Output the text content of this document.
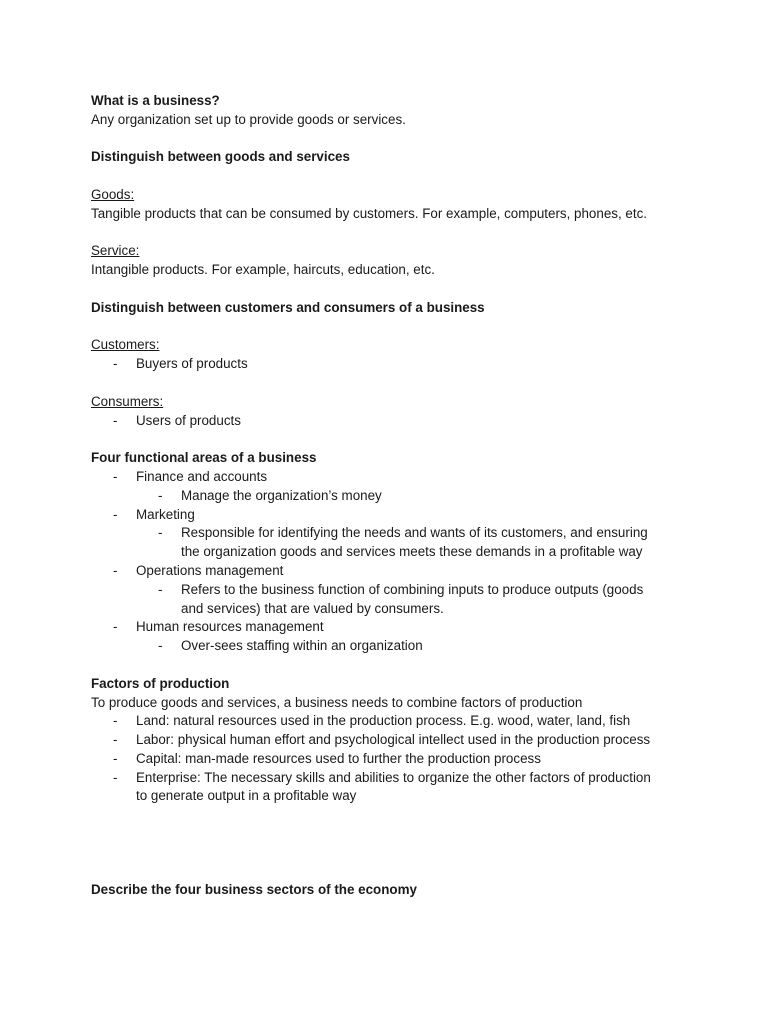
What is a business?
Any organization set up to provide goods or services.
Distinguish between goods and services
Goods:
Tangible products that can be consumed by customers. For example, computers, phones, etc.
Service:
Intangible products. For example, haircuts, education, etc.
Distinguish between customers and consumers of a business
Customers:
- Buyers of products
Consumers:
- Users of products
Four functional areas of a business
- Finance and accounts
- Manage the organization’s money
- Marketing
- Responsible for identifying the needs and wants of its customers, and ensuring
the organization goods and services meets these demands in a profitable way
- Operations management
- Refers to the business function of combining inputs to produce outputs (goods
and services) that are valued by consumers.
- Human resources management
- Over-sees staffing within an organization
Factors of production
To produce goods and services, a business needs to combine factors of production
- Land: natural resources used in the production process. E.g. wood, water, land, fish
- Labor: physical human effort and psychological intellect used in the production process
- Capital: man-made resources used to further the production process
- Enterprise: The necessary skills and abilities to organize the other factors of production
to generate output in a profitable way
Describe the four business sectors of the economy
